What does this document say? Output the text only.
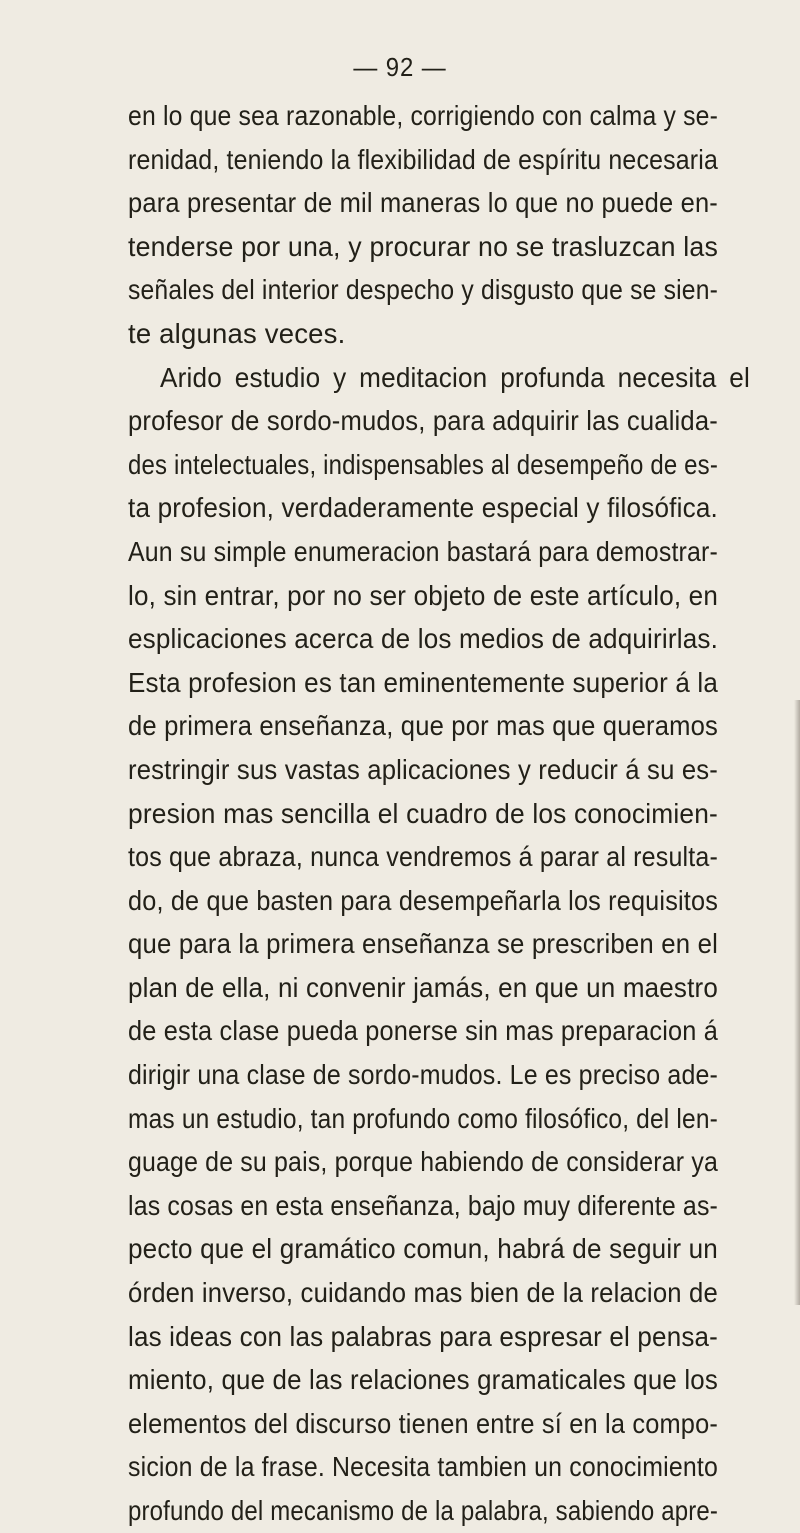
— 92 —
en lo que sea razonable, corrigiendo con calma y se-
renidad, teniendo la flexibilidad de espíritu necesaria
para presentar de mil maneras lo que no puede en-
tenderse por una, y procurar no se trasluzcan las
señales del interior despecho y disgusto que se sien-
te algunas veces.
Arido estudio y meditacion profunda necesita el
profesor de sordo-mudos, para adquirir las cualida-
des intelectuales, indispensables al desempeño de es-
ta profesion, verdaderamente especial y filosófica.
Aun su simple enumeracion bastará para demostrar-
lo, sin entrar, por no ser objeto de este artículo, en
esplicaciones acerca de los medios de adquirirlas.
Esta profesion es tan eminentemente superior á la
de primera enseñanza, que por mas que queramos
restringir sus vastas aplicaciones y reducir á su es-
presion mas sencilla el cuadro de los conocimien-
tos que abraza, nunca vendremos á parar al resulta-
do, de que basten para desempeñarla los requisitos
que para la primera enseñanza se prescriben en el
plan de ella, ni convenir jamás, en que un maestro
de esta clase pueda ponerse sin mas preparacion á
dirigir una clase de sordo-mudos. Le es preciso ade-
mas un estudio, tan profundo como filosófico, del len-
guage de su pais, porque habiendo de considerar ya
las cosas en esta enseñanza, bajo muy diferente as-
pecto que el gramático comun, habrá de seguir un
órden inverso, cuidando mas bien de la relacion de
las ideas con las palabras para espresar el pensa-
miento, que de las relaciones gramaticales que los
elementos del discurso tienen entre sí en la compo-
sicion de la frase. Necesita tambien un conocimiento
profundo del mecanismo de la palabra, sabiendo apre-
